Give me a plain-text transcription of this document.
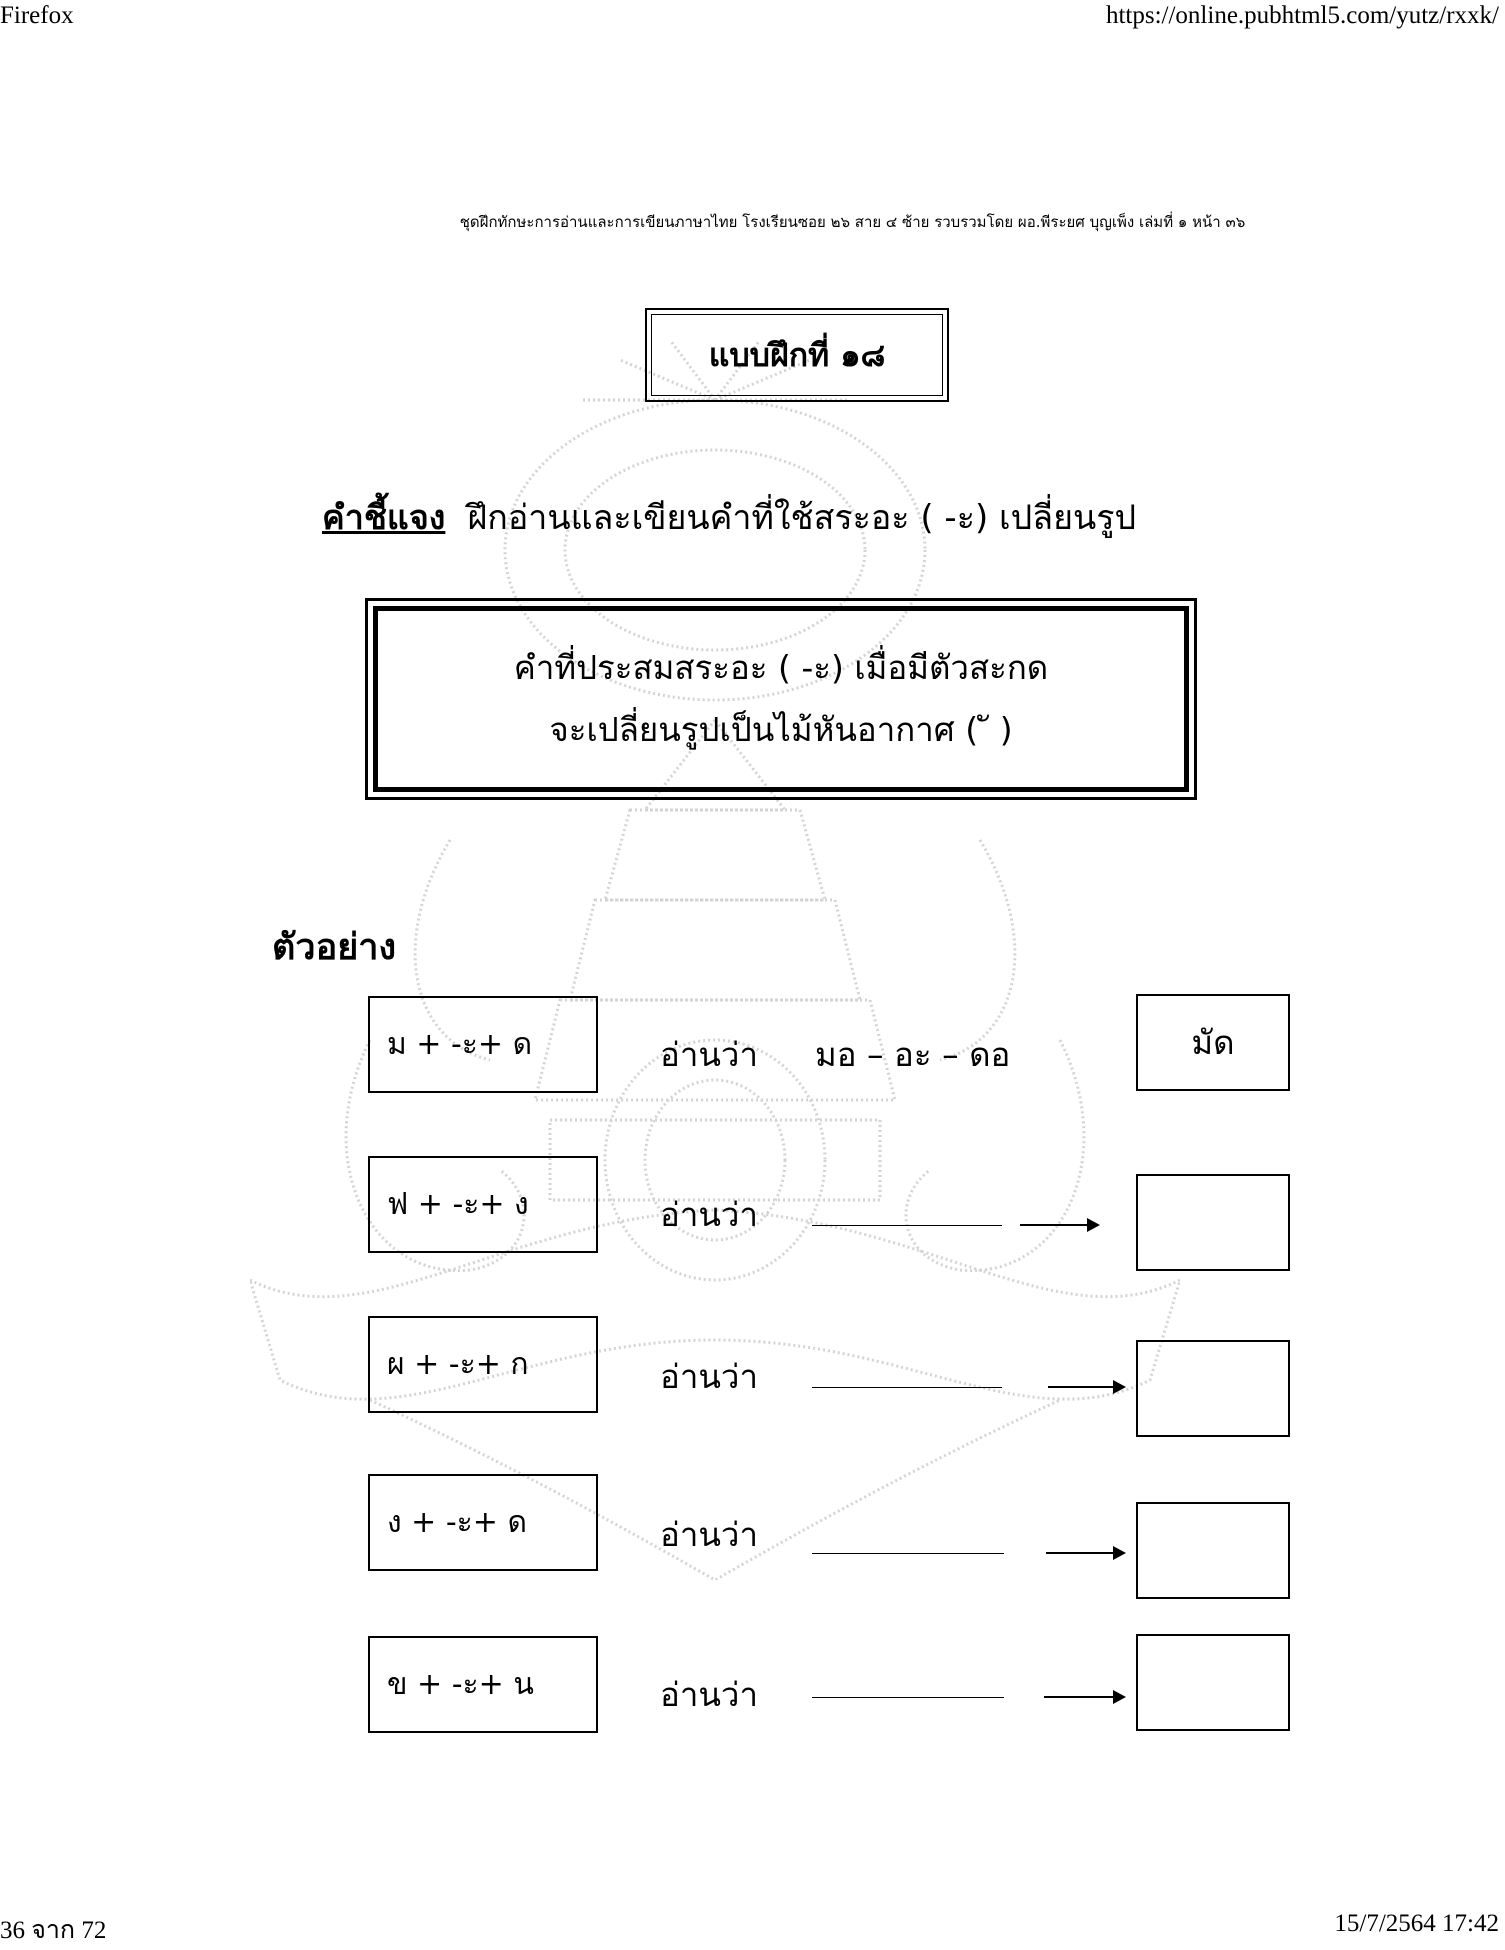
Firefox	https://online.pubhtml5.com/yutz/rxxk/
36 จาก 72	15/7/2564 17:42
ชุดฝึกทักษะการอ่านและการเขียนภาษาไทย โรงเรียนซอย ๒๖ สาย ๔ ซ้าย รวบรวมโดย ผอ.พีระยศ บุญเพ็ง เล่มที่ ๑ หน้า ๓๖
แบบฝึกที่ ๑๘
คำชี้แจง ฝึกอ่านและเขียนคำที่ใช้สระอะ ( -ะ) เปลี่ยนรูป
คำที่ประสมสระอะ ( -ะ) เมื่อมีตัวสะกด
จะเปลี่ยนรูปเป็นไม้หันอากาศ ( ั )
ตัวอย่าง
ม + -ะ+ ด	อ่านว่า มอ – อะ – ดอ	มัด
ฟ + -ะ+ ง	อ่านว่า
ผ + -ะ+ ก	อ่านว่า
ง + -ะ+ ด	อ่านว่า
ข + -ะ+ น	อ่านว่า
